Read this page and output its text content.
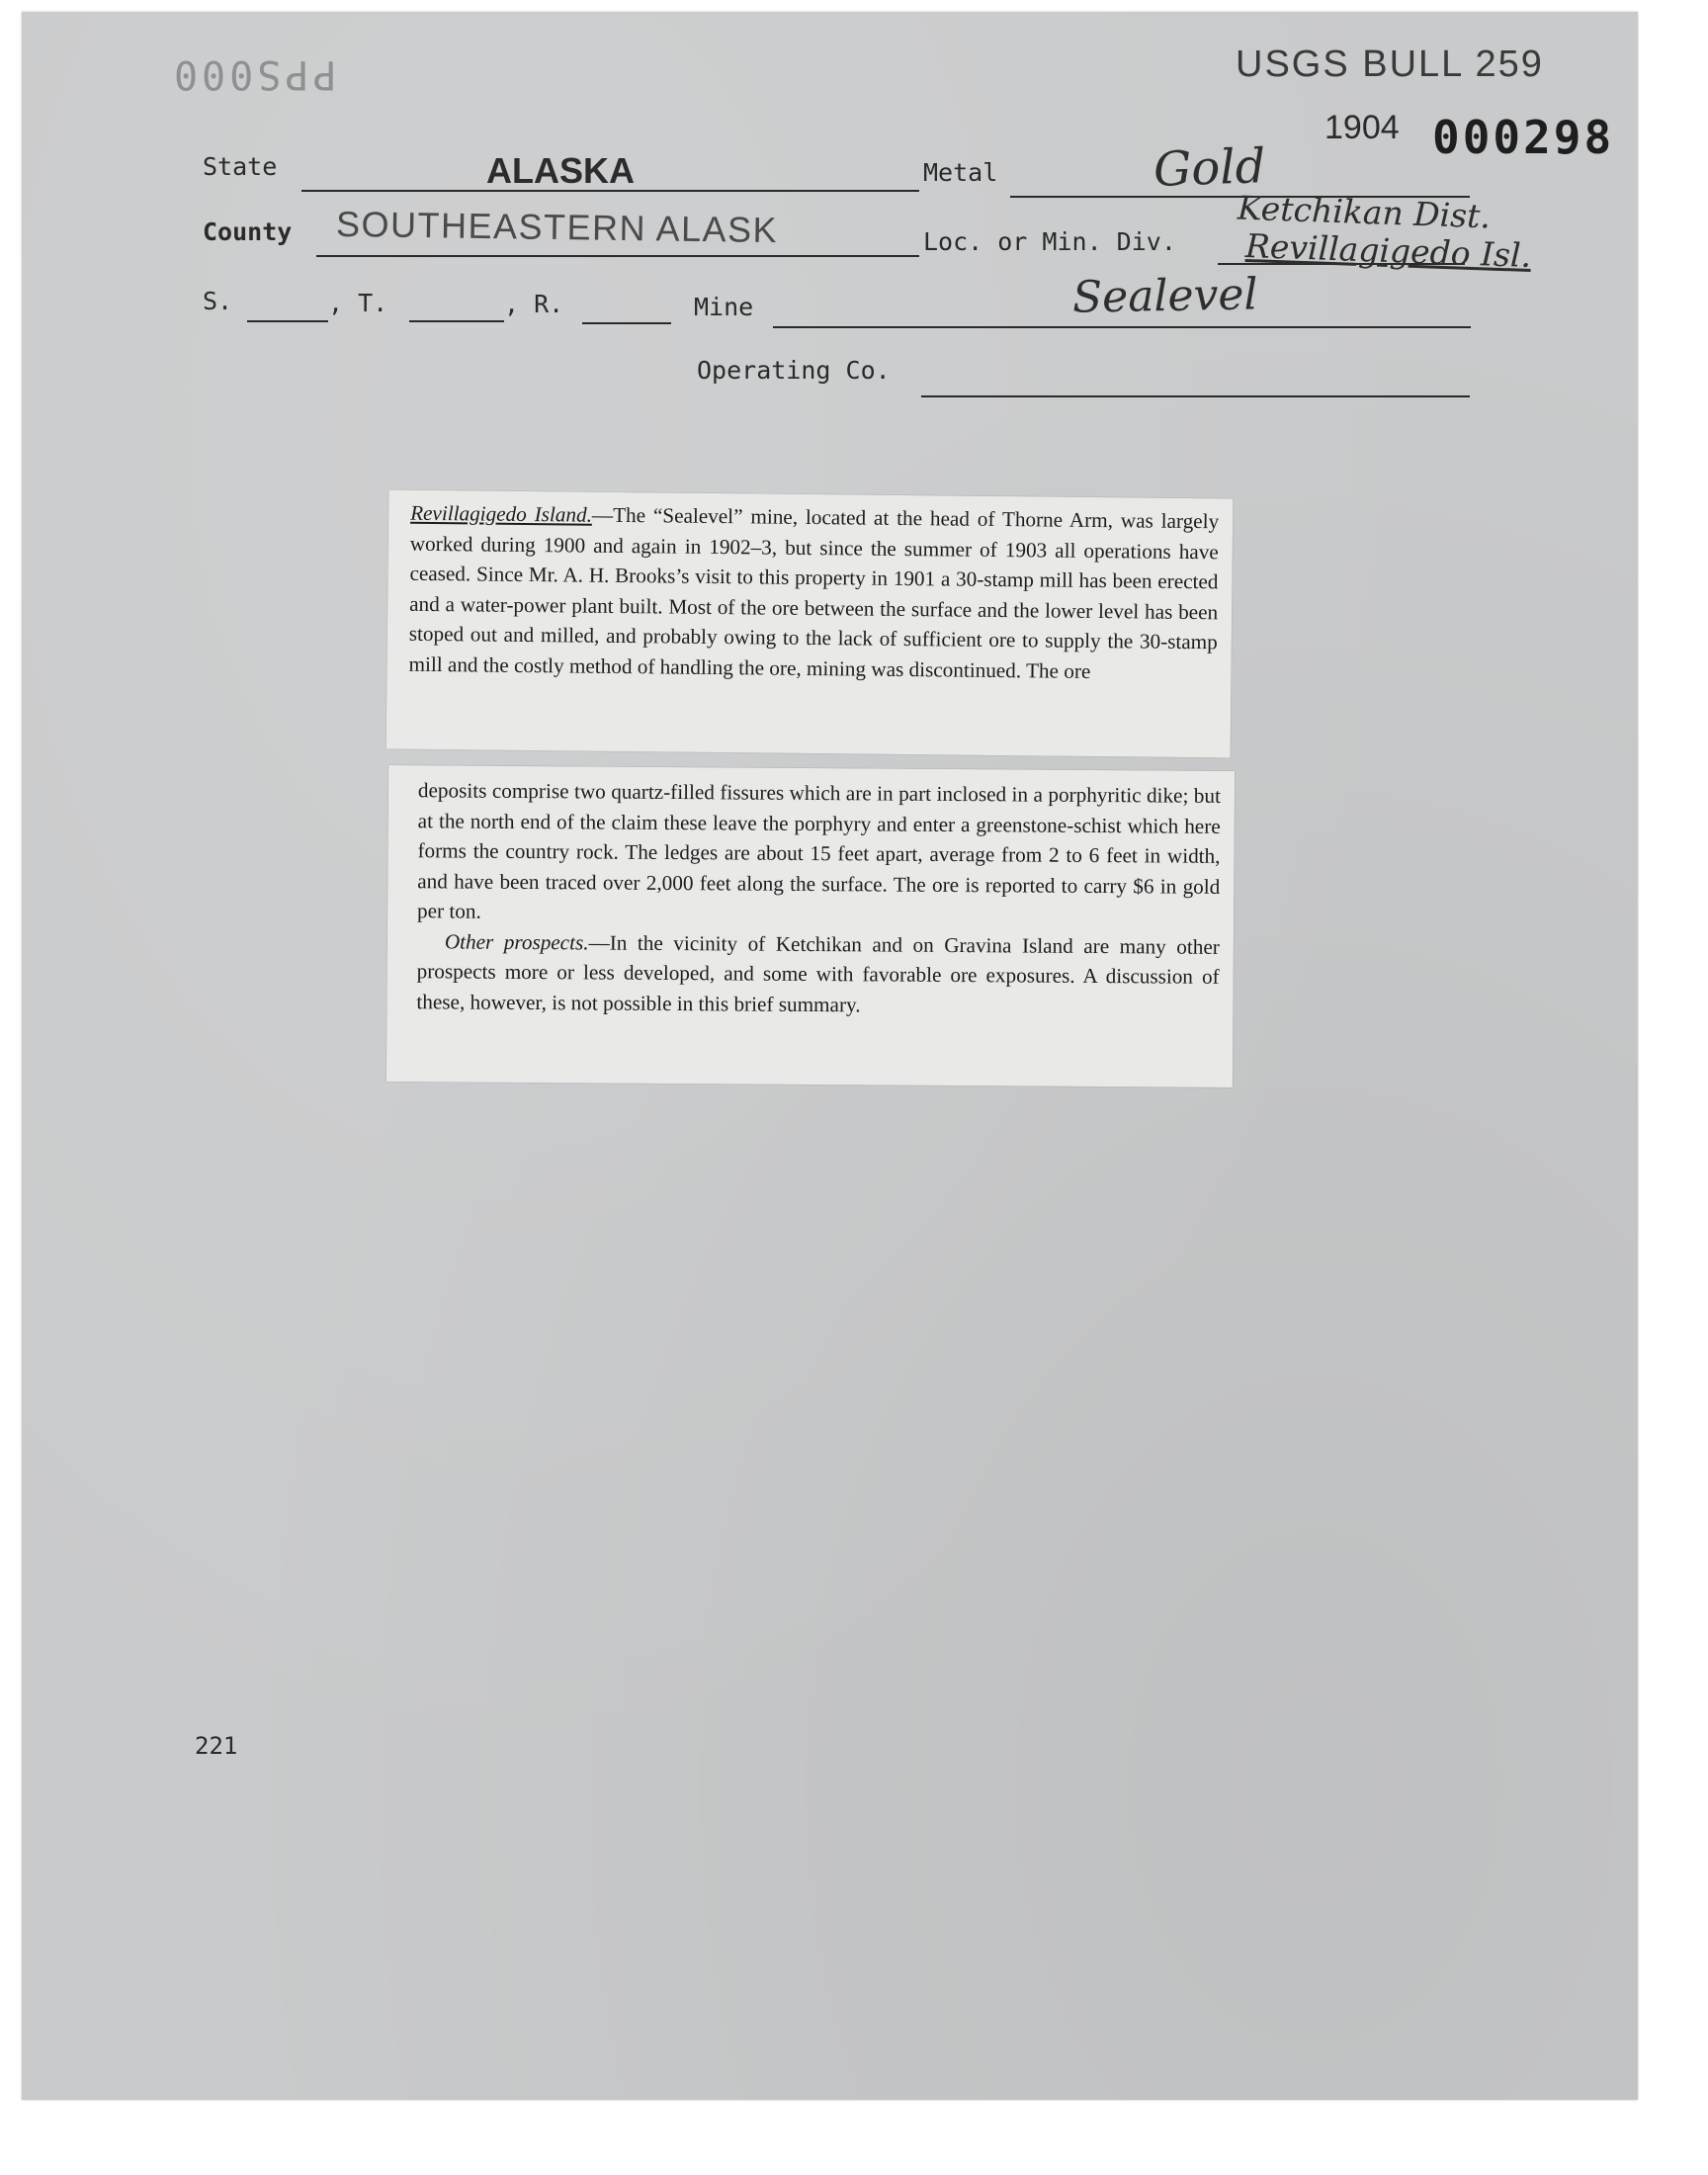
PPS000	USGS BULL 259
1904 000298
State	ALASKA	Metal	Gold
County SOUTHEASTERN ALASK	Loc. or Min. Div.
Ketchikan Dist.
Revillagigedo Isl.
S.	, T.	, R.	Mine	Sealevel
Operating Co.

Revillagigedo Island.—The “Sealevel” mine, located at the head of Thorne Arm, was largely worked during 1900 and again in 1902–3, but since the summer of 1903 all operations have ceased. Since Mr. A. H. Brooks’s visit to this property in 1901 a 30-stamp mill has been erected and a water-power plant built. Most of the ore between the surface and the lower level has been stoped out and milled, and probably owing to the lack of sufficient ore to supply the 30-stamp mill and the costly method of handling the ore, mining was discontinued. The ore

deposits comprise two quartz-filled fissures which are in part inclosed in a porphyritic dike; but at the north end of the claim these leave the porphyry and enter a greenstone-schist which here forms the country rock. The ledges are about 15 feet apart, average from 2 to 6 feet in width, and have been traced over 2,000 feet along the surface. The ore is reported to carry $6 in gold per ton.

Other prospects.—In the vicinity of Ketchikan and on Gravina Island are many other prospects more or less developed, and some with favorable ore exposures. A discussion of these, however, is not possible in this brief summary.

221
